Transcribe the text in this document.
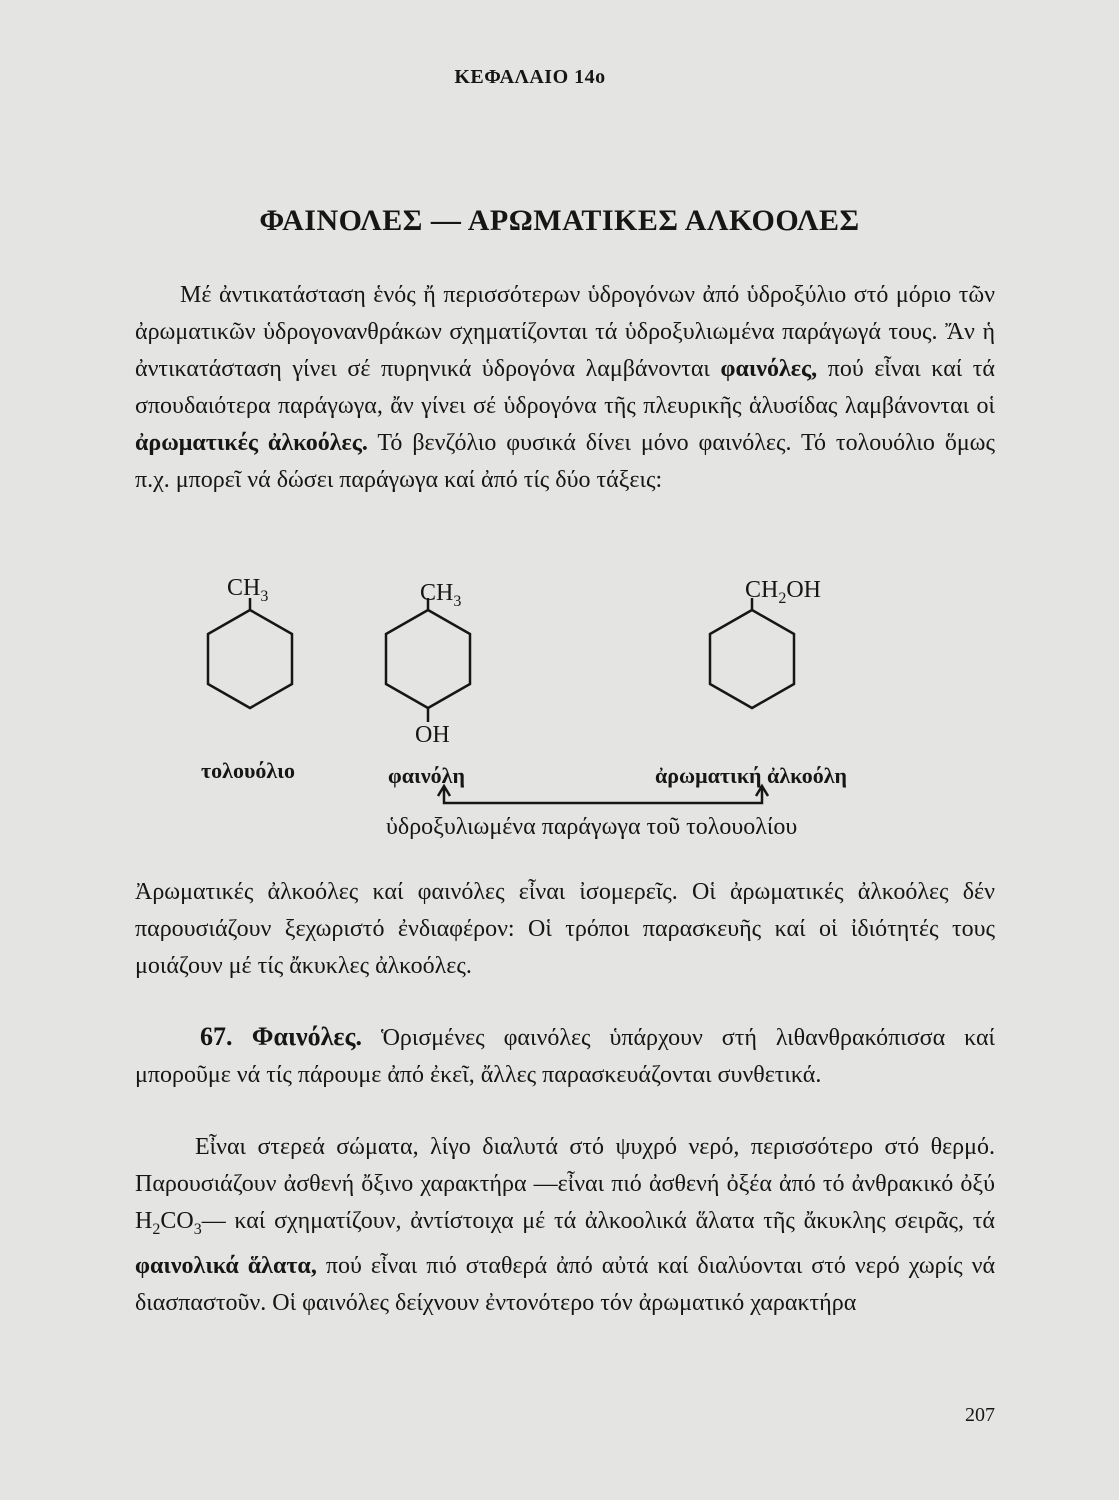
ΚΕΦΑΛΑΙΟ 14ο
ΦΑΙΝΟΛΕΣ — ΑΡΩΜΑΤΙΚΕΣ ΑΛΚΟΟΛΕΣ

Μέ ἀντικατάσταση ἑνός ἤ περισσότερων ὑδρογόνων ἀπό ὑδροξύλιο στό μόριο τῶν ἀρωματικῶν ὑδρογονανθράκων σχηματίζονται τά ὑδροξυλιωμένα παράγωγά τους. Ἄν ἡ ἀντικατάσταση γίνει σέ πυρηνικά ὑδρογόνα λαμβάνονται φαινόλες, πού εἶναι καί τά σπουδαιότερα παράγωγα, ἄν γίνει σέ ὑδρογόνα τῆς πλευρικῆς ἁλυσίδας λαμβάνονται οἱ ἀρωματικές ἀλκοόλες. Τό βενζόλιο φυσικά δίνει μόνο φαινόλες. Τό τολουόλιο ὅμως π.χ. μπορεῖ νά δώσει παράγωγα καί ἀπό τίς δύο τάξεις:

$CH_3$	$CH_3$	$CH_2OH$
OH
τολουόλιο	φαινόλη	ἀρωματική ἀλκοόλη
ὑδροξυλιωμένα παράγωγα τοῦ τολουολίου

Ἀρωματικές ἀλκοόλες καί φαινόλες εἶναι ἰσομερεῖς. Οἱ ἀρωματικές ἀλκοόλες δέν παρουσιάζουν ξεχωριστό ἐνδιαφέρον: Οἱ τρόποι παρασκευῆς καί οἱ ἰδιότητές τους μοιάζουν μέ τίς ἄκυκλες ἀλκοόλες.

67. Φαινόλες. Ὁρισμένες φαινόλες ὑπάρχουν στή λιθανθρακόπισσα καί μποροῦμε νά τίς πάρουμε ἀπό ἐκεῖ, ἄλλες παρασκευάζονται συνθετικά.

Εἶναι στερεά σώματα, λίγο διαλυτά στό ψυχρό νερό, περισσότερο στό θερμό. Παρουσιάζουν ἀσθενή ὄξινο χαρακτήρα —εἶναι πιό ἀσθενή ὀξέα ἀπό τό ἀνθρακικό ὀξύ $H_2CO_3—$ καί σχηματίζουν, ἀντίστοιχα μέ τά ἀλκοολικά ἅλατα τῆς ἄκυκλης σειρᾶς, τά φαινολικά ἅλατα, πού εἶναι πιό σταθερά ἀπό αὐτά καί διαλύονται στό νερό χωρίς νά διασπαστοῦν. Οἱ φαινόλες δείχνουν ἐντονότερο τόν ἀρωματικό χαρακτήρα

207
